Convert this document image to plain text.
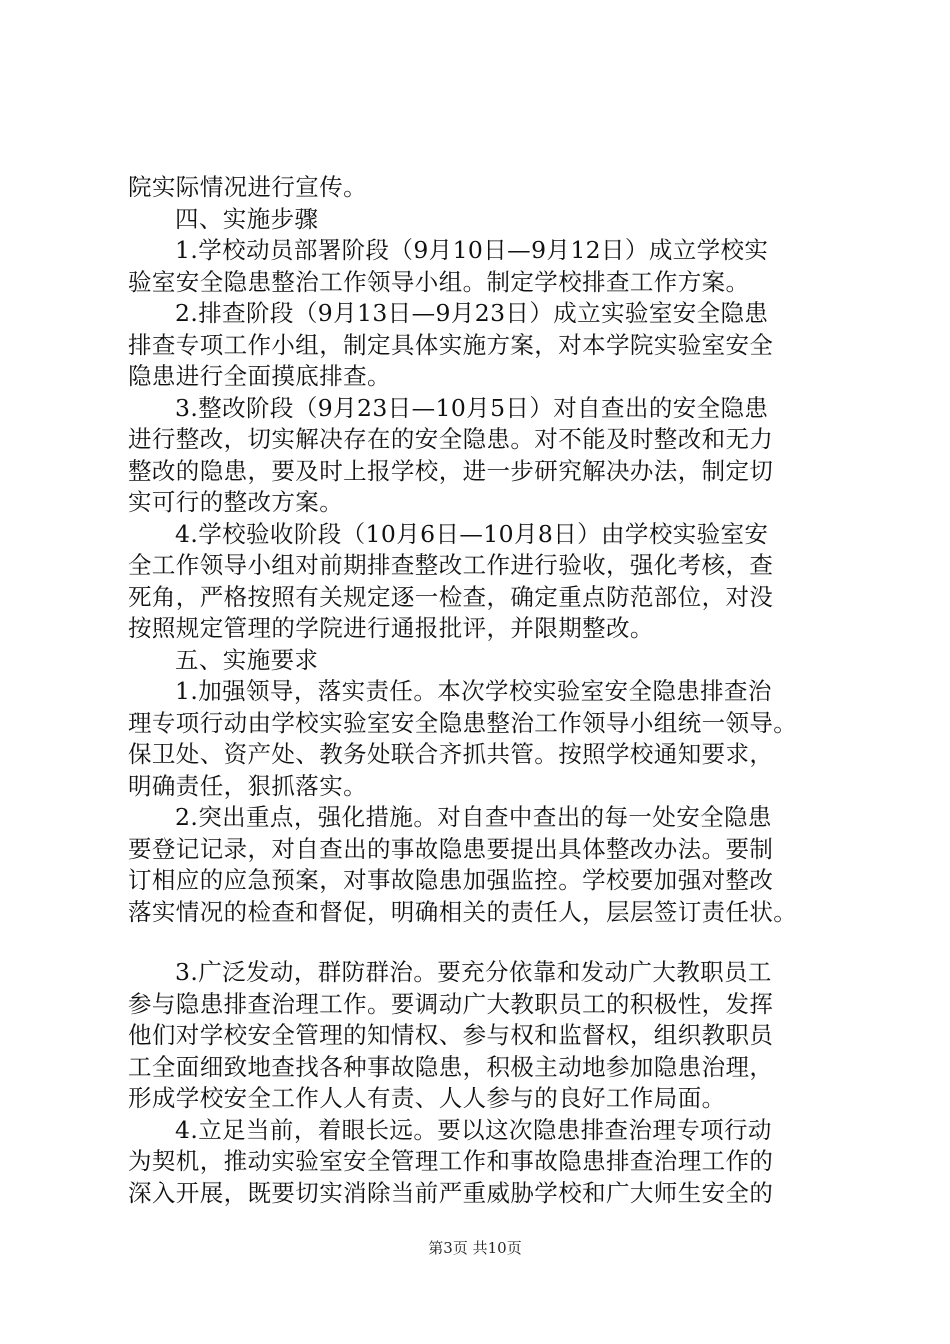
院实际情况进行宣传。
四、实施步骤
1.学校动员部署阶段（9月10日—9月12日）成立学校实
验室安全隐患整治工作领导小组。制定学校排查工作方案。
2.排查阶段（9月13日—9月23日）成立实验室安全隐患
排查专项工作小组，制定具体实施方案，对本学院实验室安全
隐患进行全面摸底排查。
3.整改阶段（9月23日—10月5日）对自查出的安全隐患
进行整改，切实解决存在的安全隐患。对不能及时整改和无力
整改的隐患，要及时上报学校，进一步研究解决办法，制定切
实可行的整改方案。
4.学校验收阶段（10月6日—10月8日）由学校实验室安
全工作领导小组对前期排查整改工作进行验收，强化考核，查
死角，严格按照有关规定逐一检查，确定重点防范部位，对没
按照规定管理的学院进行通报批评，并限期整改。
五、实施要求
1.加强领导，落实责任。本次学校实验室安全隐患排查治
理专项行动由学校实验室安全隐患整治工作领导小组统一领导。
保卫处、资产处、教务处联合齐抓共管。按照学校通知要求，
明确责任，狠抓落实。
2.突出重点，强化措施。对自查中查出的每一处安全隐患
要登记记录，对自查出的事故隐患要提出具体整改办法。要制
订相应的应急预案，对事故隐患加强监控。学校要加强对整改
落实情况的检查和督促，明确相关的责任人，层层签订责任状。
3.广泛发动，群防群治。要充分依靠和发动广大教职员工
参与隐患排查治理工作。要调动广大教职员工的积极性，发挥
他们对学校安全管理的知情权、参与权和监督权，组织教职员
工全面细致地查找各种事故隐患，积极主动地参加隐患治理，
形成学校安全工作人人有责、人人参与的良好工作局面。
4.立足当前，着眼长远。要以这次隐患排查治理专项行动
为契机，推动实验室安全管理工作和事故隐患排查治理工作的
深入开展，既要切实消除当前严重威胁学校和广大师生安全的
第3页 共10页
